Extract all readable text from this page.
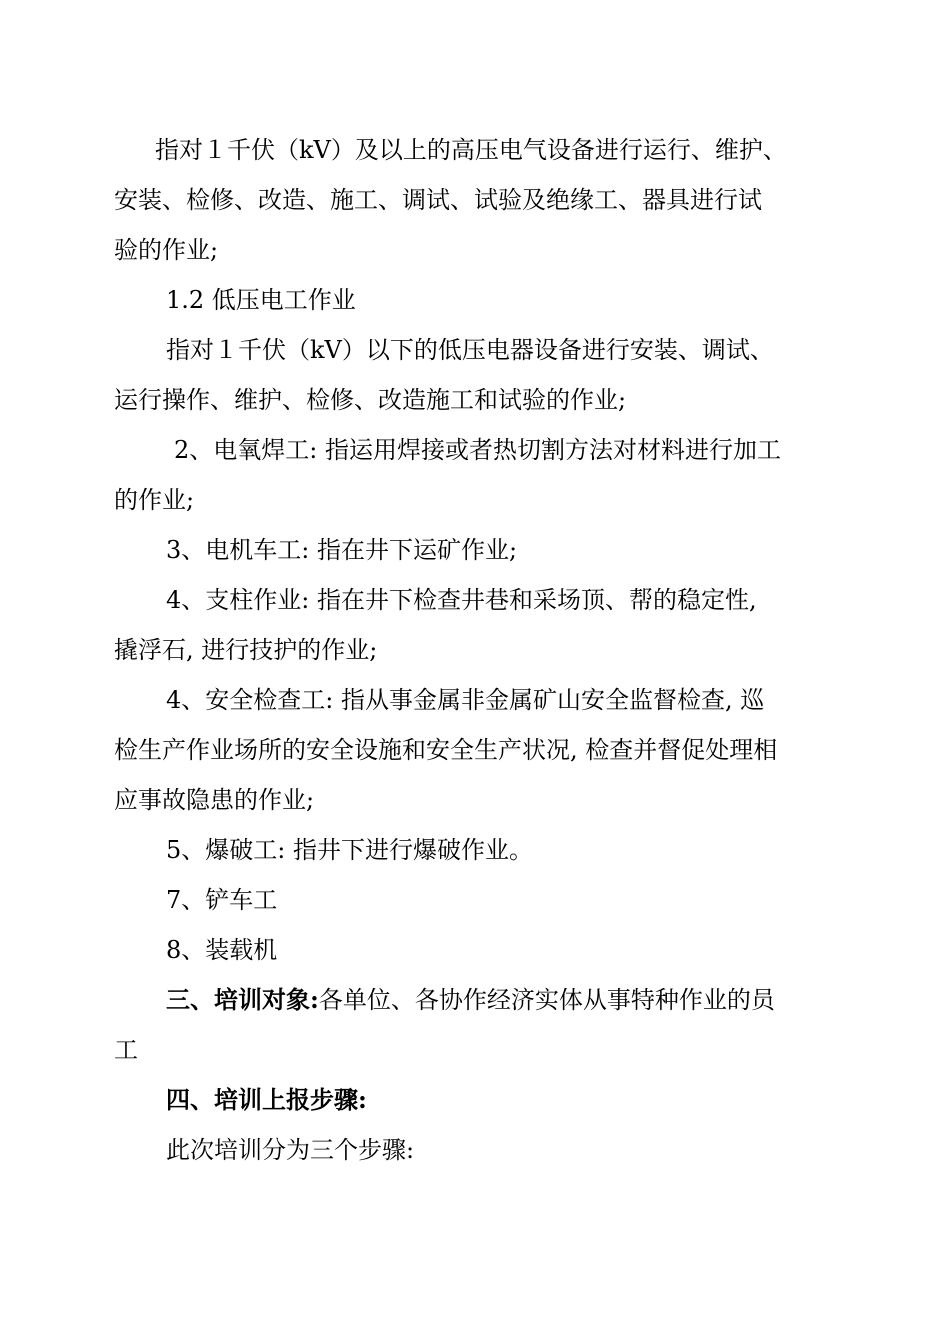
指对１千伏（kV）及以上的高压电气设备进行运行、维护、
安装、检修、改造、施工、调试、试验及绝缘工、器具进行试
验的作业;
1.2 低压电工作业
指对１千伏（kV）以下的低压电器设备进行安装、调试、
运行操作、维护、检修、改造施工和试验的作业;
2、电氧焊工: 指运用焊接或者热切割方法对材料进行加工
的作业;
3、电机车工: 指在井下运矿作业;
4、支柱作业: 指在井下检查井巷和采场顶、帮的稳定性,
撬浮石, 进行技护的作业;
4、安全检查工: 指从事金属非金属矿山安全监督检查, 巡
检生产作业场所的安全设施和安全生产状况, 检查并督促处理相
应事故隐患的作业;
5、爆破工: 指井下进行爆破作业。
7、铲车工
8、装载机
三、培训对象:各单位、各协作经济实体从事特种作业的员
工
四、培训上报步骤:
此次培训分为三个步骤:
